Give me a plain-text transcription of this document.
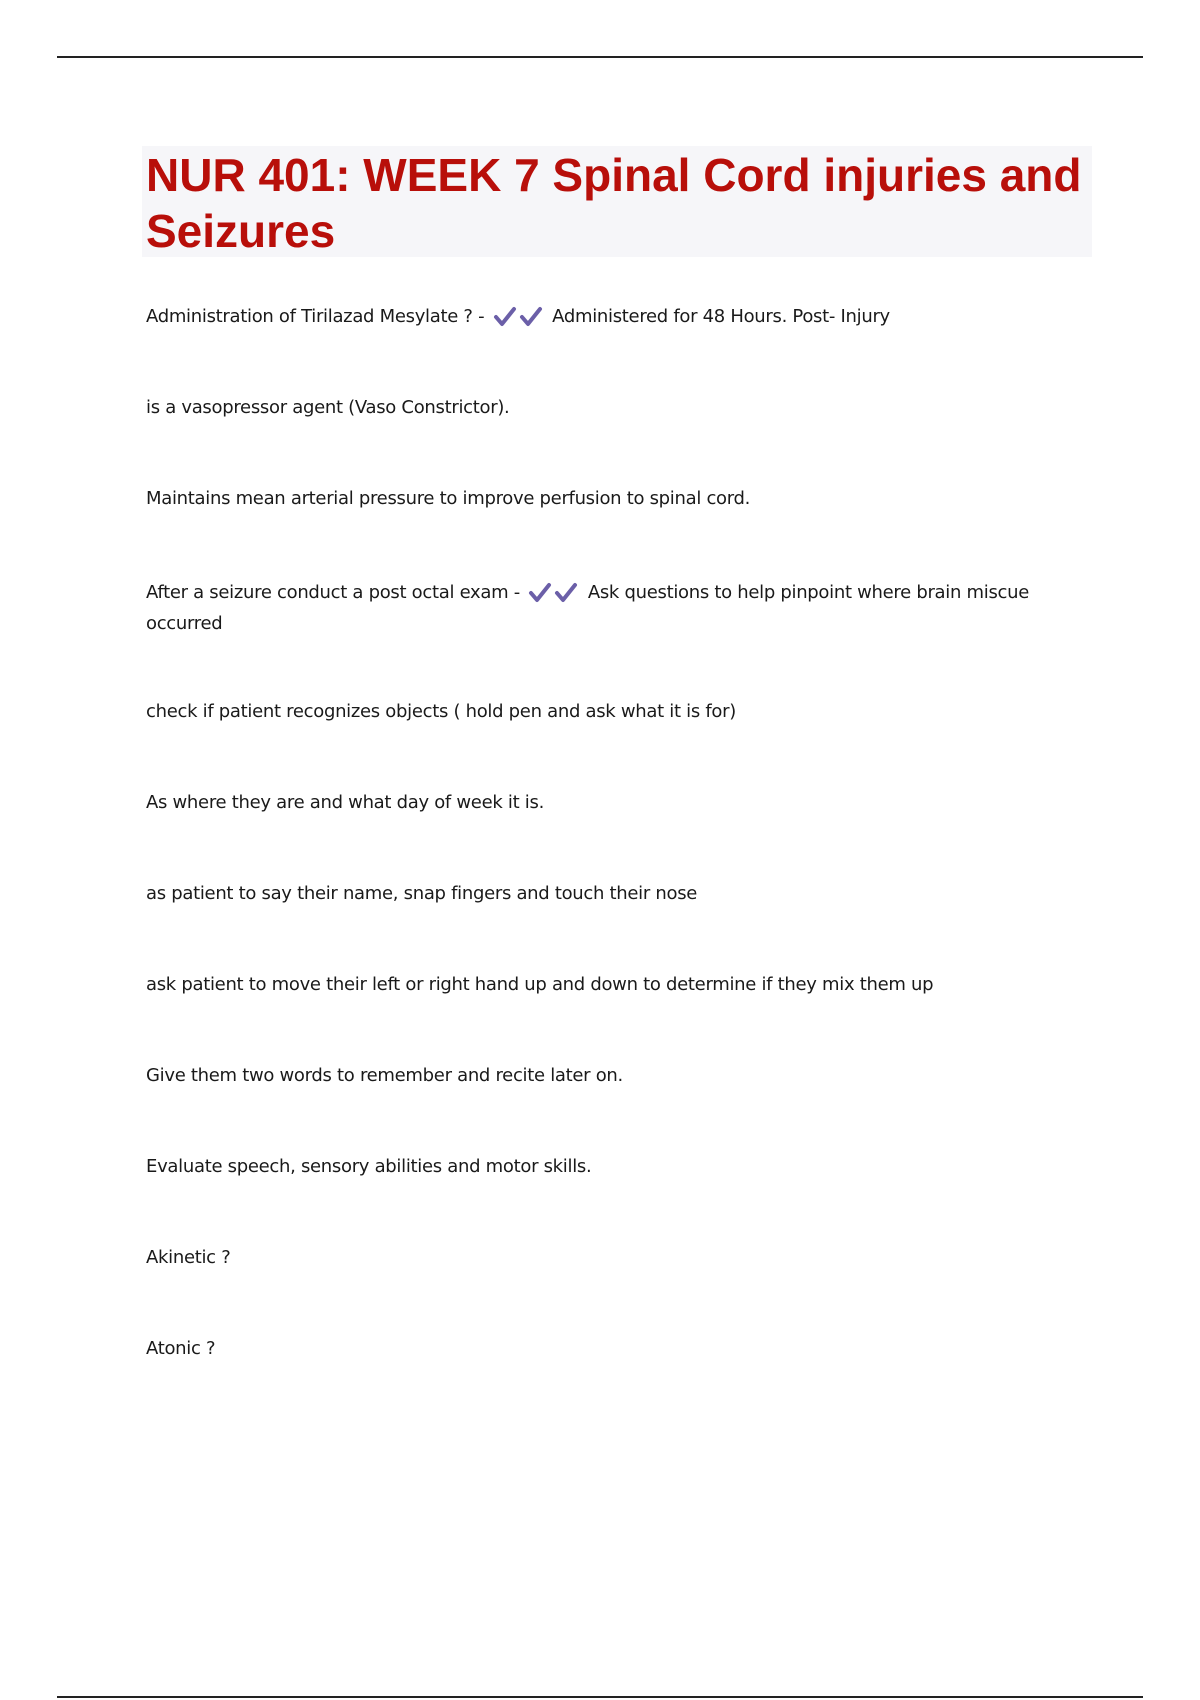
NUR 401: WEEK 7 Spinal Cord injuries and Seizures
Administration of Tirilazad Mesylate ? -	Administered for 48 Hours. Post- Injury
is a vasopressor agent (Vaso Constrictor).
Maintains mean arterial pressure to improve perfusion to spinal cord.
After a seizure conduct a post octal exam -	Ask questions to help pinpoint where brain miscue occurred
check if patient recognizes objects ( hold pen and ask what it is for)
As where they are and what day of week it is.
as patient to say their name, snap fingers and touch their nose
ask patient to move their left or right hand up and down to determine if they mix them up
Give them two words to remember and recite later on.
Evaluate speech, sensory abilities and motor skills.
Akinetic ?
Atonic ?
